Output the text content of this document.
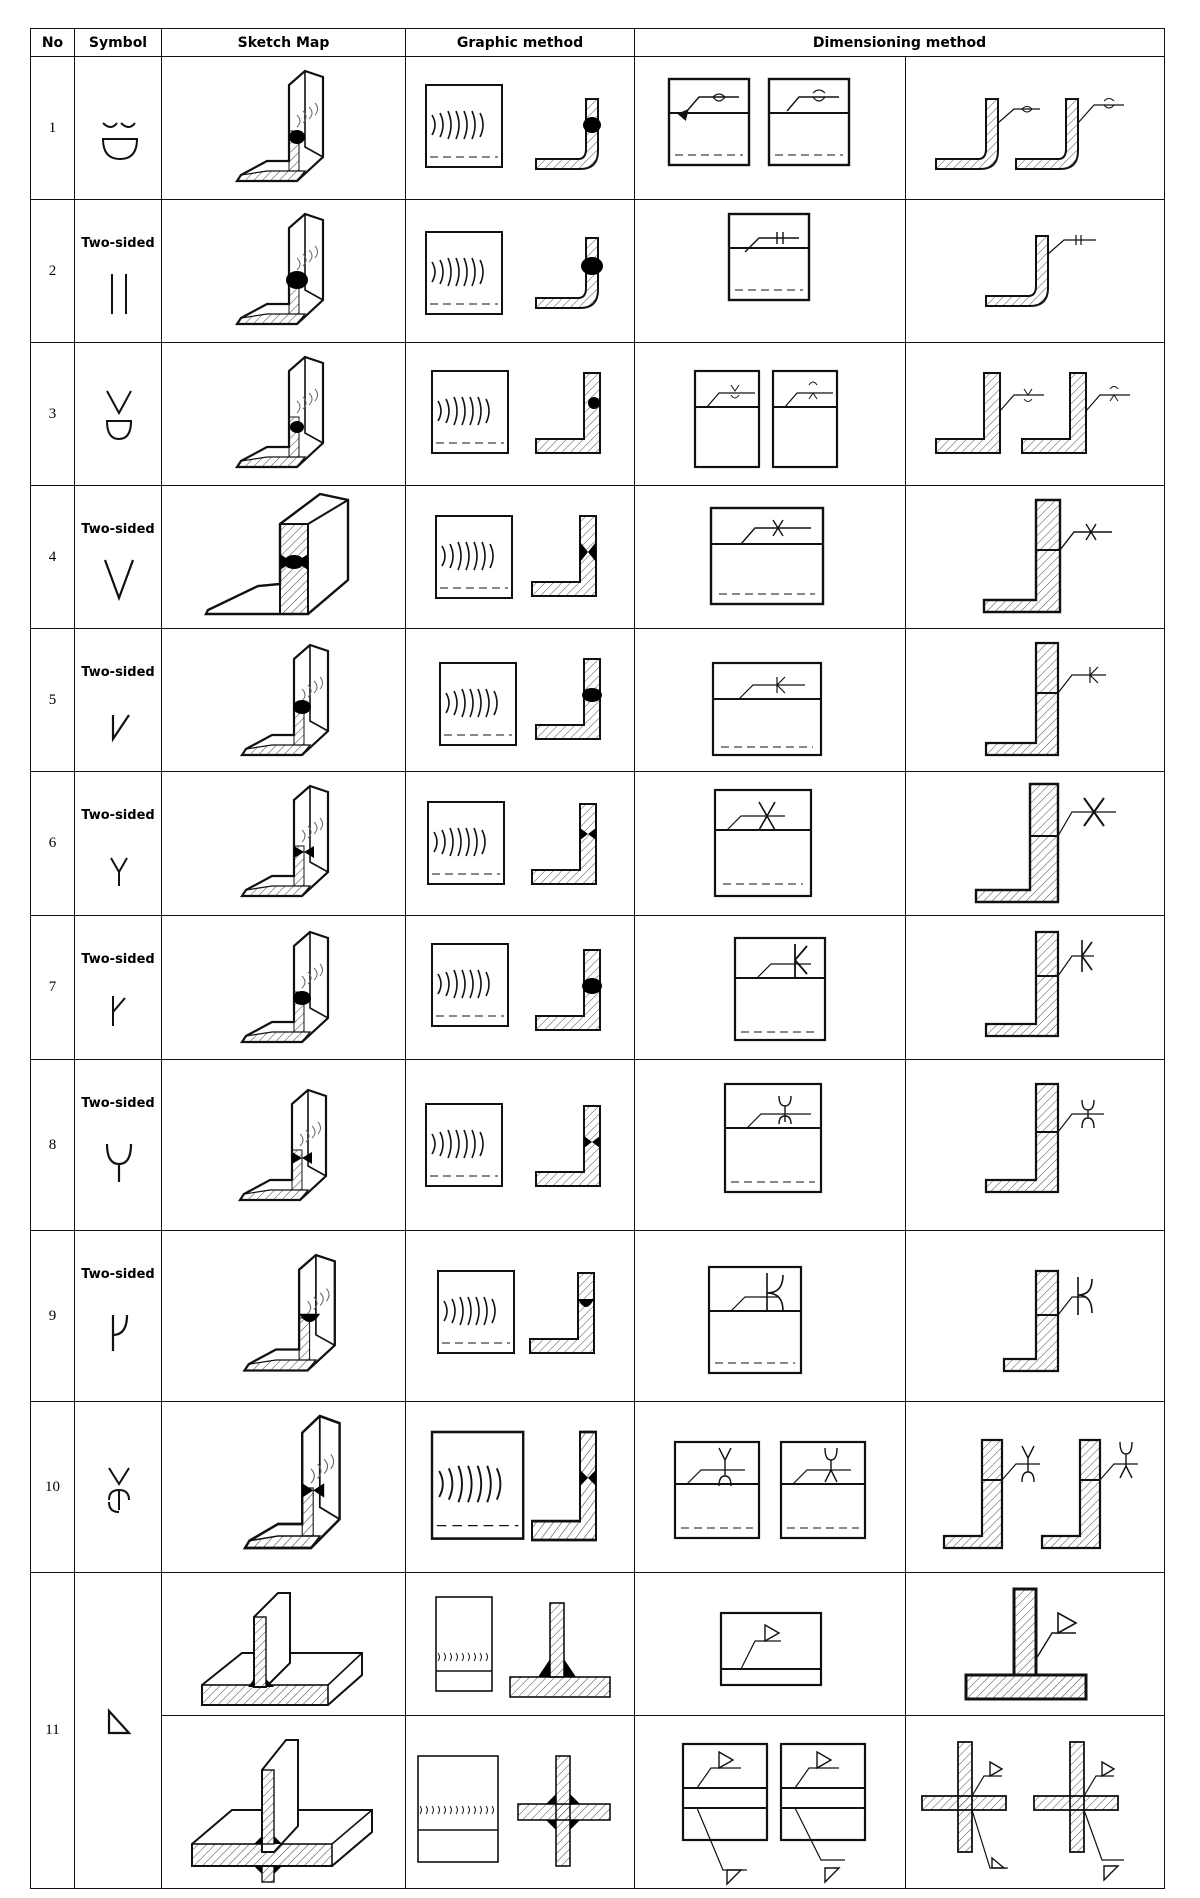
No	Symbol	Sketch Map	Graphic method	Dimensioning method	
1	

2	Two-sided

3	

4	Two-sided

5	Two-sided

6	Two-sided

7	Two-sided

8	Two-sided

9	Two-sided

10	

11	
